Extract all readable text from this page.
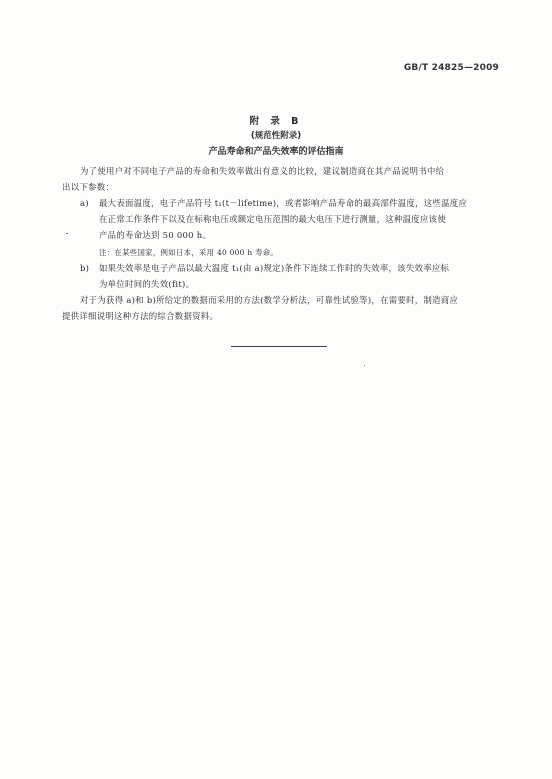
GB/T 24825—2009
附 录 B
(规范性附录)
产品寿命和产品失效率的评估指南
为了使用户对不同电子产品的寿命和失效率做出有意义的比较，建议制造商在其产品说明书中给
出以下参数：
a) 最大表面温度，电子产品符号 t₁(t－lifetime)，或者影响产品寿命的最高部件温度，这些温度应
在正常工作条件下以及在标称电压或额定电压范围的最大电压下进行测量，这种温度应该使
产品的寿命达到 50 000 h。
注：在某些国家，例如日本，采用 40 000 h 寿命。
b) 如果失效率是电子产品以最大温度 t₁(由 a)规定)条件下连续工作时的失效率，该失效率应标
为单位时间的失效(fit)。
对于为获得 a)和 b)所给定的数据而采用的方法(数学分析法，可靠性试验等)，在需要时，制造商应
提供详细说明这种方法的综合数据资料。
